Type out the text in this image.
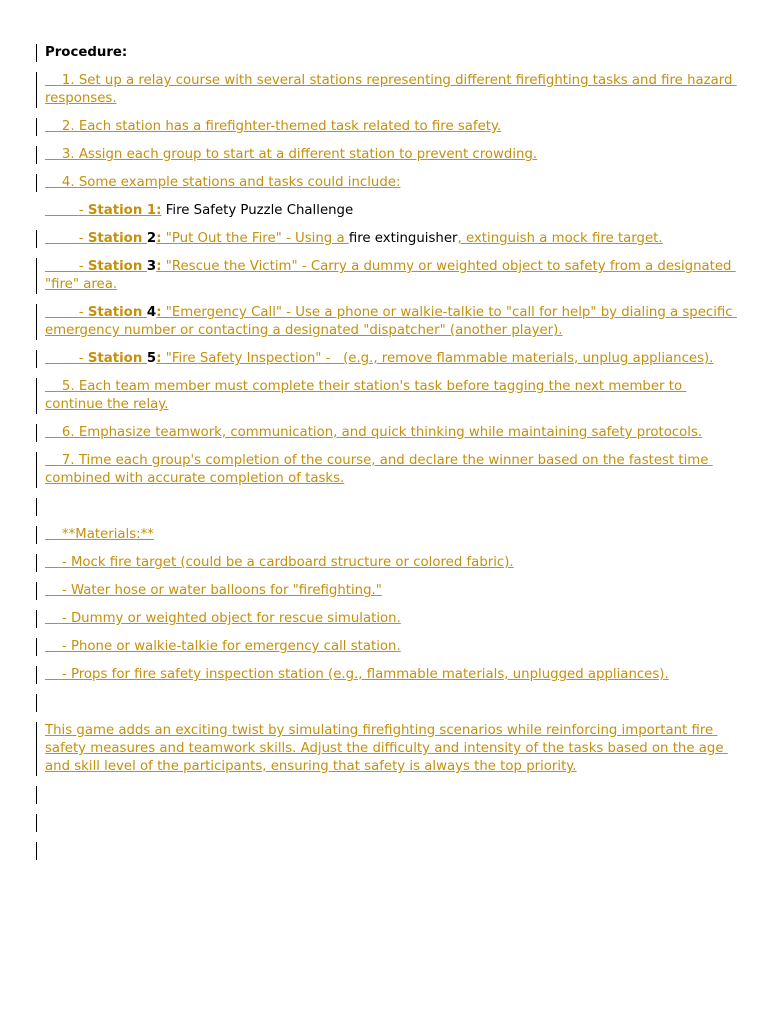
Procedure:
1. Set up a relay course with several stations representing different firefighting tasks and fire hazard responses.
2. Each station has a firefighter-themed task related to fire safety.
3. Assign each group to start at a different station to prevent crowding.
4. Some example stations and tasks could include:
- Station 1: Fire Safety Puzzle Challenge
- Station 2: "Put Out the Fire" - Using a fire extinguisher, extinguish a mock fire target.
- Station 3: "Rescue the Victim" - Carry a dummy or weighted object to safety from a designated "fire" area.
- Station 4: "Emergency Call" - Use a phone or walkie-talkie to "call for help" by dialing a specific emergency number or contacting a designated "dispatcher" (another player).
- Station 5: "Fire Safety Inspection" -   (e.g., remove flammable materials, unplug appliances).
5. Each team member must complete their station's task before tagging the next member to continue the relay.
6. Emphasize teamwork, communication, and quick thinking while maintaining safety protocols.
7. Time each group's completion of the course, and declare the winner based on the fastest time combined with accurate completion of tasks.
**Materials:**
- Mock fire target (could be a cardboard structure or colored fabric).
- Water hose or water balloons for "firefighting."
- Dummy or weighted object for rescue simulation.
- Phone or walkie-talkie for emergency call station.
- Props for fire safety inspection station (e.g., flammable materials, unplugged appliances).
This game adds an exciting twist by simulating firefighting scenarios while reinforcing important fire safety measures and teamwork skills. Adjust the difficulty and intensity of the tasks based on the age and skill level of the participants, ensuring that safety is always the top priority.
